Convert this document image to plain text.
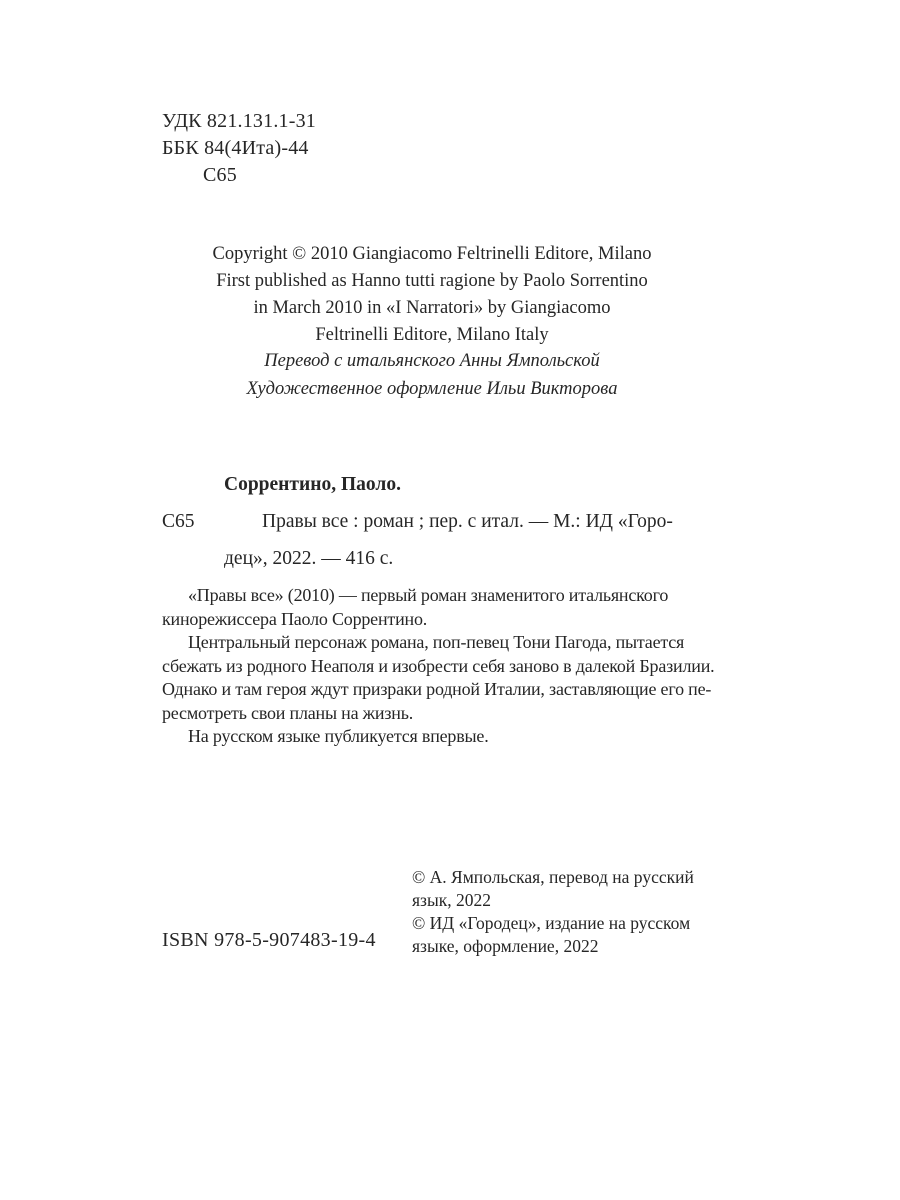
УДК 821.131.1-31
ББК 84(4Ита)-44
С65
Copyright © 2010 Giangiacomo Feltrinelli Editore, Milano
First published as Hanno tutti ragione by Paolo Sorrentino
in March 2010 in «I Narratori» by Giangiacomo
Feltrinelli Editore, Milano Italy
Перевод с итальянского Анны Ямпольской
Художественное оформление Ильи Викторова
Соррентино, Паоло.
С65	Правы все : роман ; пер. с итал. — М.: ИД «Горо-
дец», 2022. — 416 с.
«Правы все» (2010) — первый роман знаменитого итальянского
кинорежиссера Паоло Соррентино.
Центральный персонаж романа, поп-певец Тони Пагода, пытается
сбежать из родного Неаполя и изобрести себя заново в далекой Бразилии.
Однако и там героя ждут призраки родной Италии, заставляющие его пе-
ресмотреть свои планы на жизнь.
На русском языке публикуется впервые.
© А. Ямпольская, перевод на русский
язык, 2022
© ИД «Городец», издание на русском
языке, оформление, 2022
ISBN 978-5-907483-19-4
